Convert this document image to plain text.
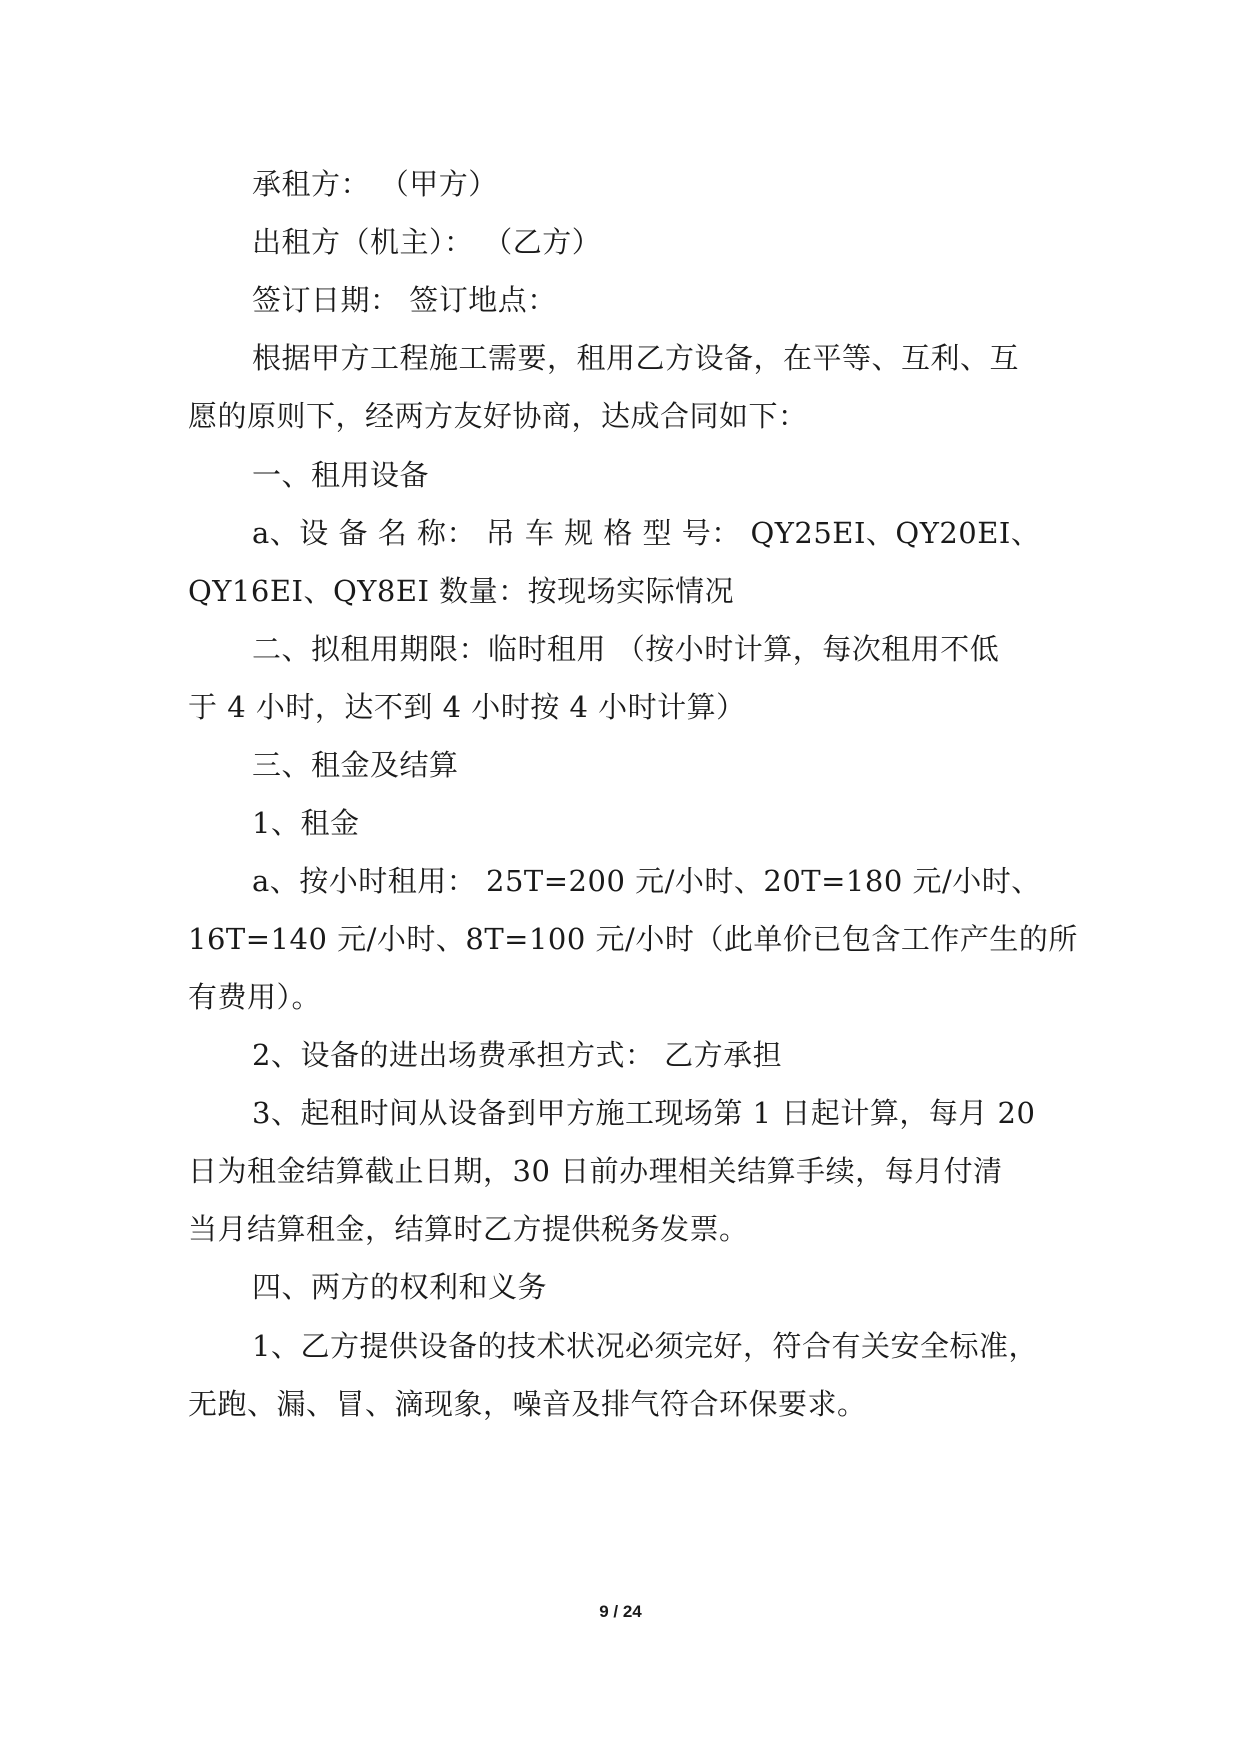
承租方： （甲方）
出租方（机主）： （乙方）
签订日期： 签订地点：
根据甲方工程施工需要，租用乙方设备，在平等、互利、互
愿的原则下，经两方友好协商，达成合同如下：
一、租用设备
a、设 备 名 称： 吊 车 规 格 型 号： QY25EI、QY20EI、
QY16EI、QY8EI 数量：按现场实际情况
二、拟租用期限：临时租用 （按小时计算，每次租用不低
于 4 小时，达不到 4 小时按 4 小时计算）
三、租金及结算
1、租金
a、按小时租用： 25T=200 元/小时、20T=180 元/小时、
16T=140 元/小时、8T=100 元/小时（此单价已包含工作产生的所
有费用）。
2、设备的进出场费承担方式： 乙方承担
3、起租时间从设备到甲方施工现场第 1 日起计算，每月 20
日为租金结算截止日期，30 日前办理相关结算手续，每月付清
当月结算租金，结算时乙方提供税务发票。
四、两方的权利和义务
1、乙方提供设备的技术状况必须完好，符合有关安全标准，
无跑、漏、冒、滴现象，噪音及排气符合环保要求。
9 / 24
